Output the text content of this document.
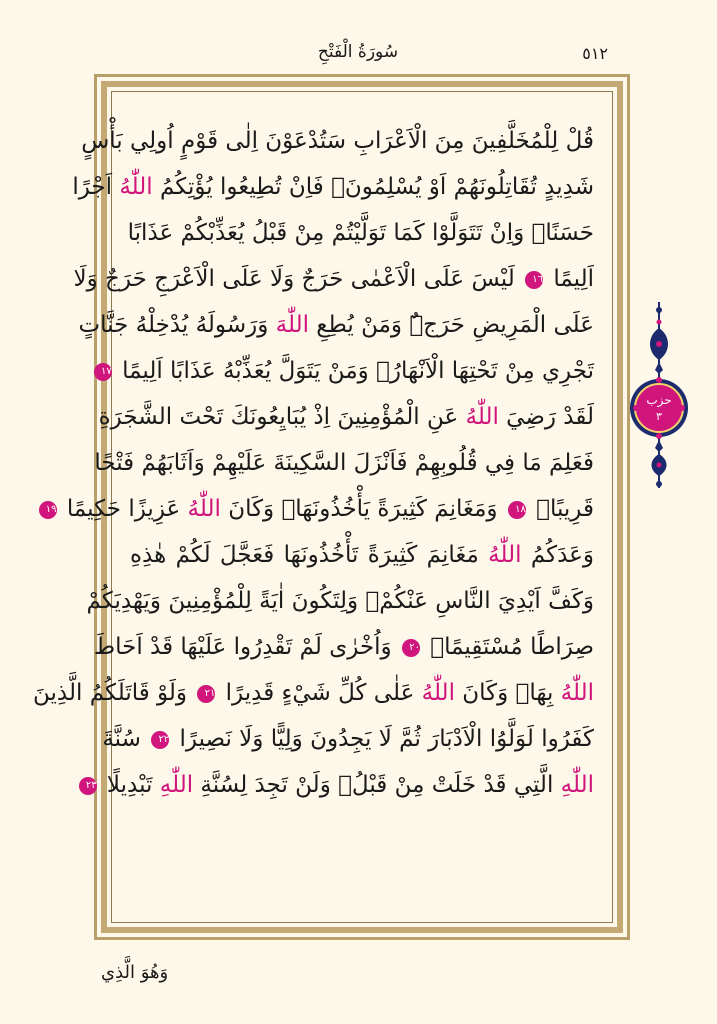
سُورَةُ الْفَتْحِ	٥١٢
قُلْ لِلْمُخَلَّفِينَ مِنَ الْاَعْرَابِ سَتُدْعَوْنَ اِلٰى قَوْمٍ اُولِي بَأْسٍ
شَدِيدٍ تُقَاتِلُونَهُمْ اَوْ يُسْلِمُونَۚ فَاِنْ تُطِيعُوا يُؤْتِكُمُ اللّٰهُ اَجْرًا
حَسَنًاۚ وَاِنْ تَتَوَلَّوْا كَمَا تَوَلَّيْتُمْ مِنْ قَبْلُ يُعَذِّبْكُمْ عَذَابًا
اَلِيمًا ١٦ لَيْسَ عَلَى الْاَعْمٰى حَرَجٌ وَلَا عَلَى الْاَعْرَجِ حَرَجٌ وَلَا
عَلَى الْمَرِيضِ حَرَجٌۜ وَمَنْ يُطِعِ اللّٰهَ وَرَسُولَهُ يُدْخِلْهُ جَنَّاتٍ
تَجْرِي مِنْ تَحْتِهَا الْاَنْهَارُۚ وَمَنْ يَتَوَلَّ يُعَذِّبْهُ عَذَابًا اَلِيمًا ١٧
لَقَدْ رَضِيَ اللّٰهُ عَنِ الْمُؤْمِنِينَ اِذْ يُبَايِعُونَكَ تَحْتَ الشَّجَرَةِ
فَعَلِمَ مَا فِي قُلُوبِهِمْ فَاَنْزَلَ السَّكِينَةَ عَلَيْهِمْ وَاَثَابَهُمْ فَتْحًا
قَرِيبًاۙ ١٨ وَمَغَانِمَ كَثِيرَةً يَأْخُذُونَهَاۜ وَكَانَ اللّٰهُ عَزِيزًا حَكِيمًا ١٩
وَعَدَكُمُ اللّٰهُ مَغَانِمَ كَثِيرَةً تَأْخُذُونَهَا فَعَجَّلَ لَكُمْ هٰذِهِ
وَكَفَّ اَيْدِيَ النَّاسِ عَنْكُمْۚ وَلِتَكُونَ اٰيَةً لِلْمُؤْمِنِينَ وَيَهْدِيَكُمْ
صِرَاطًا مُسْتَقِيمًاۙ ٢٠ وَاُخْرٰى لَمْ تَقْدِرُوا عَلَيْهَا قَدْ اَحَاطَ
اللّٰهُ بِهَاۜ وَكَانَ اللّٰهُ عَلٰى كُلِّ شَيْءٍ قَدِيرًا ٢١ وَلَوْ قَاتَلَكُمُ الَّذِينَ
كَفَرُوا لَوَلَّوُا الْاَدْبَارَ ثُمَّ لَا يَجِدُونَ وَلِيًّا وَلَا نَصِيرًا ٢٢ سُنَّةَ
اللّٰهِ الَّتِي قَدْ خَلَتْ مِنْ قَبْلُۚ وَلَنْ تَجِدَ لِسُنَّةِ اللّٰهِ تَبْدِيلًا ٢٣
وَهُوَ الَّذِي
حزب
٣
